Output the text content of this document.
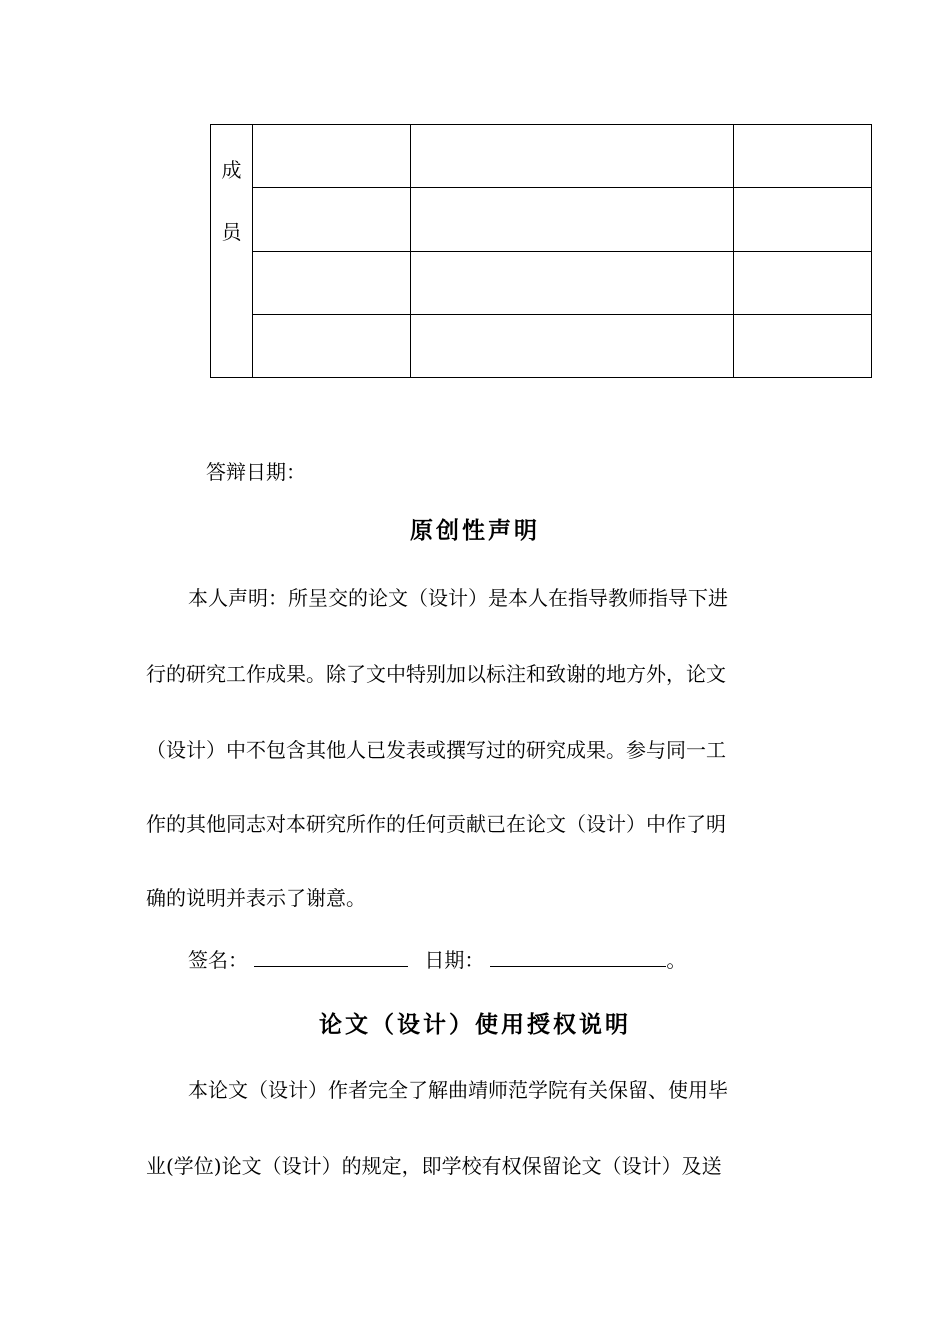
成员			

答辩日期：

原创性声明

本人声明：所呈交的论文（设计）是本人在指导教师指导下进

行的研究工作成果。除了文中特别加以标注和致谢的地方外，论文

（设计）中不包含其他人已发表或撰写过的研究成果。参与同一工

作的其他同志对本研究所作的任何贡献已在论文（设计）中作了明

确的说明并表示了谢意。

签名：	日期：	。
论文（设计）使用授权说明

本论文（设计）作者完全了解曲靖师范学院有关保留、使用毕

业(学位)论文（设计）的规定，即学校有权保留论文（设计）及送
